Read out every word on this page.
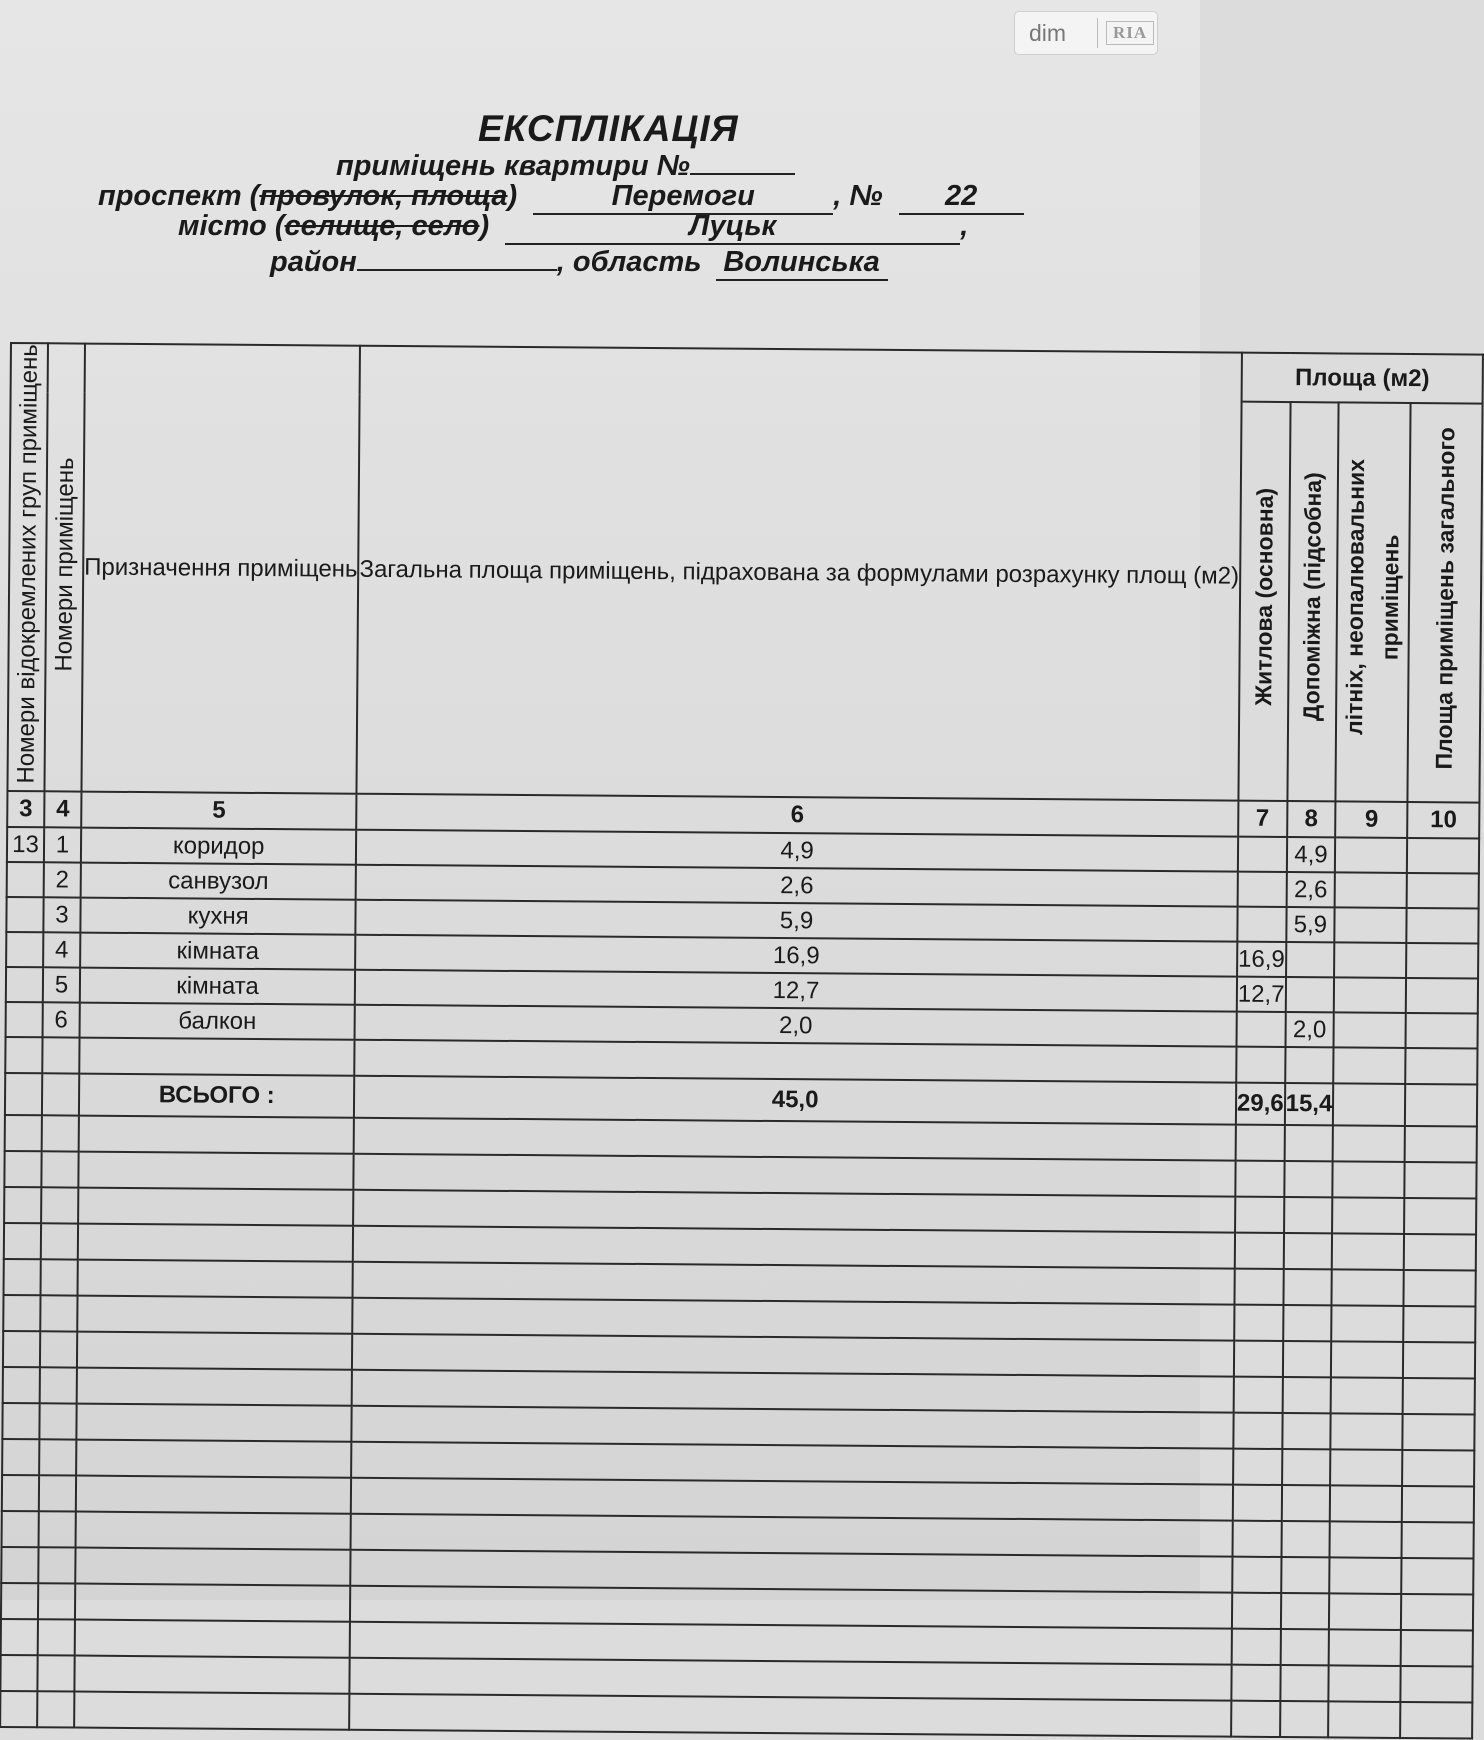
dim	RIA
ЕКСПЛІКАЦІЯ
приміщень квартири №
проспект (провулок, площа)	Перемоги	, № 22
місто (селище, село)	Луцьк	,
район	, область Волинська
Номери відокремлених груп приміщень	Номери приміщень	Призначення приміщень	Загальна площа приміщень, підрахована за формулами розрахунку площ (м2)	Площа (м2)			
				Житлова (основна)	Допоміжна (підсобна)	літніх, неопалювальних приміщень	Площа приміщень загального
3	4	5	6	7	8	9	10
13	1	коридор	4,9		4,9		
	2	санвузол	2,6		2,6		
	3	кухня	5,9		5,9		
	4	кімната	16,9	16,9			
	5	кімната	12,7	12,7			
	6	балкон	2,0		2,0		

		ВСЬОГО :	45,0	29,6	15,4		
